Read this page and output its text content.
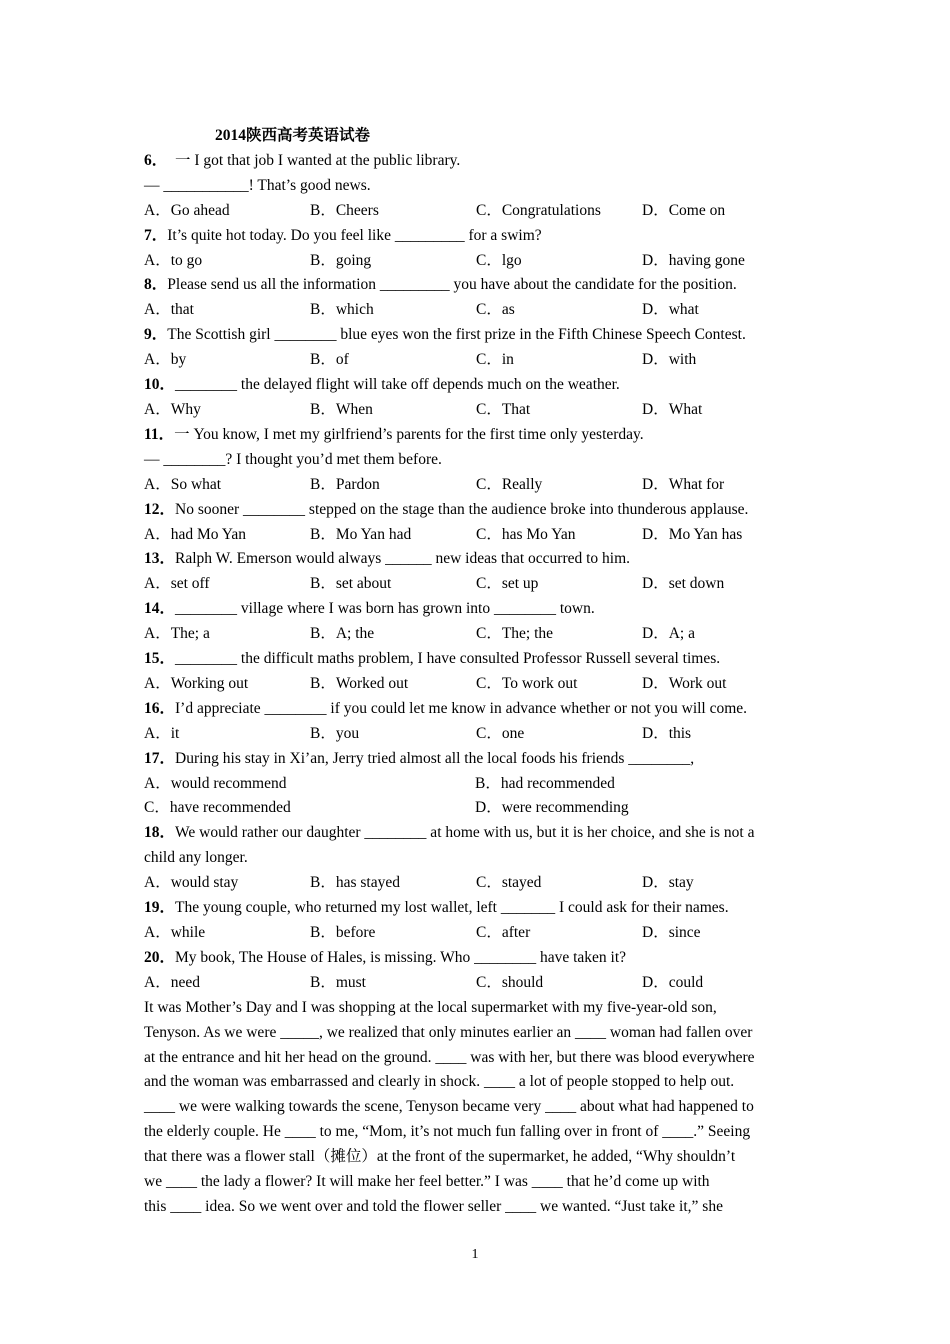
2014陕西高考英语试卷
6．　一 I got that job I wanted at the public library.
— ___________! That’s good news.
A．Go ahead	B．Cheers	C．Congratulations	D．Come on
7．It’s quite hot today. Do you feel like _________ for a swim?
A．to go	B．going	C．lgo	D．having gone
8．Please send us all the information _________ you have about the candidate for the position.
A．that	B．which	C．as	D．what
9．The Scottish girl ________ blue eyes won the first prize in the Fifth Chinese Speech Contest.
A．by	B．of	C．in	D．with
10．________ the delayed flight will take off depends much on the weather.
A．Why	B．When	C．That	D．What
11．一 You know, I met my girlfriend’s parents for the first time only yesterday.
— ________? I thought you’d met them before.
A．So what	B．Pardon	C．Really	D．What for
12．No sooner ________ stepped on the stage than the audience broke into thunderous applause.
A．had Mo Yan	B．Mo Yan had	C．has Mo Yan	D．Mo Yan has
13．Ralph W. Emerson would always ______ new ideas that occurred to him.
A．set off	B．set about	C．set up	D．set down
14．________ village where I was born has grown into ________ town.
A．The; a	B．A; the	C．The; the	D．A; a
15．________ the difficult maths problem, I have consulted Professor Russell several times.
A．Working out	B．Worked out	C．To work out	D．Work out
16．I’d appreciate ________ if you could let me know in advance whether or not you will come.
A．it	B．you	C．one	D．this
17．During his stay in Xi’an, Jerry tried almost all the local foods his friends ________,
A．would recommend	B．had recommended
C．have recommended	D．were recommending
18．We would rather our daughter ________ at home with us, but it is her choice, and she is not a
child any longer.
A．would stay	B．has stayed	C．stayed	D．stay
19．The young couple, who returned my lost wallet, left _______ I could ask for their names.
A．while	B．before	C．after	D．since
20．My book, The House of Hales, is missing. Who ________ have taken it?
A．need	B．must	C．should	D．could
It was Mother’s Day and I was shopping at the local supermarket with my five-year-old son,
Tenyson. As we were _____, we realized that only minutes earlier an ____ woman had fallen over
at the entrance and hit her head on the ground. ____ was with her, but there was blood everywhere
and the woman was embarrassed and clearly in shock. ____ a lot of people stopped to help out.
____ we were walking towards the scene, Tenyson became very ____ about what had happened to
the elderly couple. He ____ to me, “Mom, it’s not much fun falling over in front of ____.” Seeing
that there was a flower stall（摊位）at the front of the supermarket, he added, “Why shouldn’t
we ____ the lady a flower? It will make her feel better.” I was ____ that he’d come up with
this ____ idea. So we went over and told the flower seller ____ we wanted. “Just take it,” she
1
